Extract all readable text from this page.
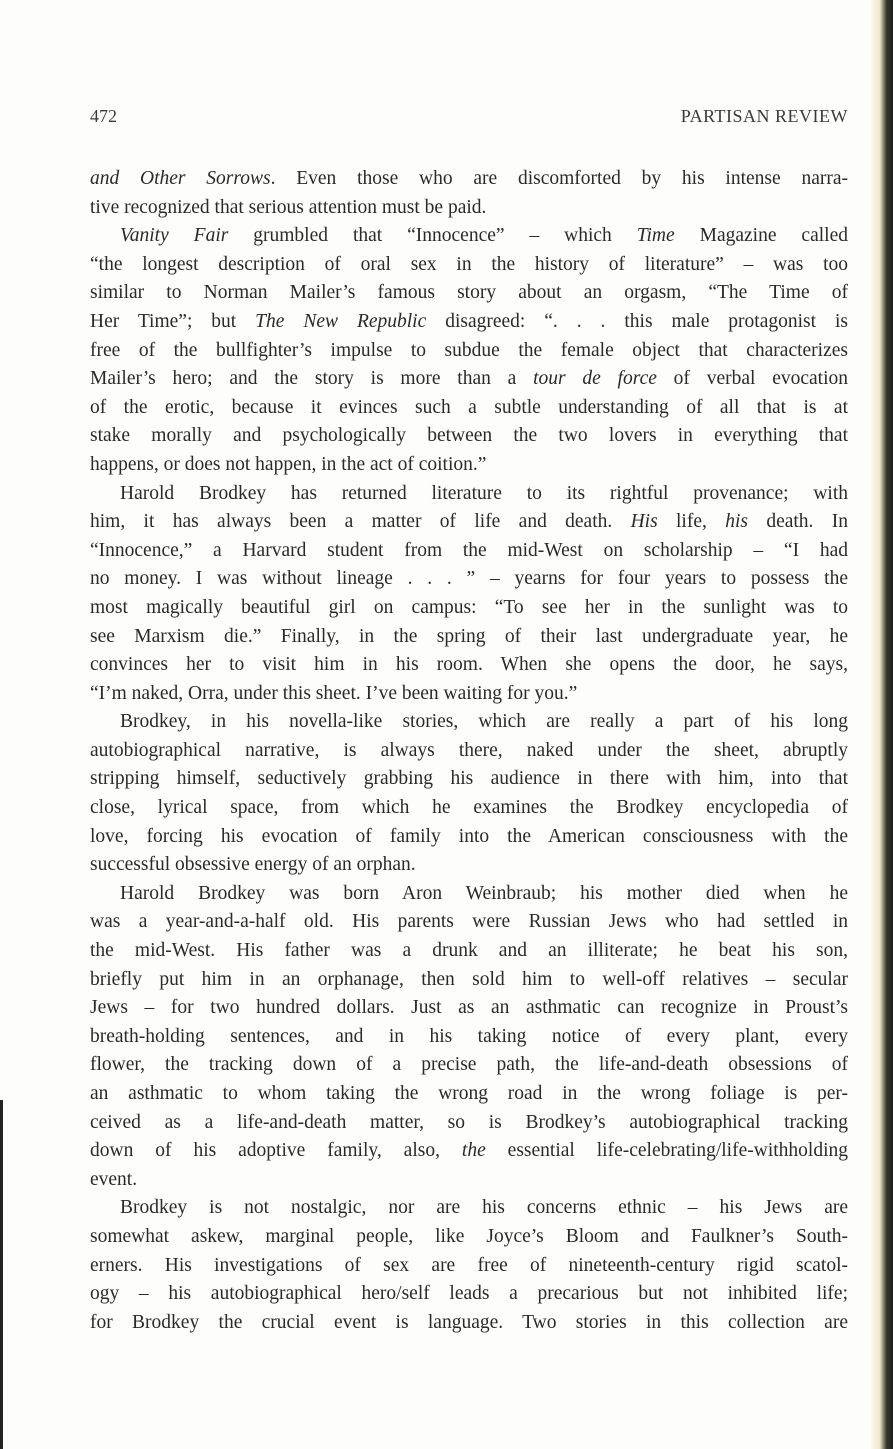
472	PARTISAN REVIEW
and Other Sorrows. Even those who are discomforted by his intense narra-
tive recognized that serious attention must be paid.
Vanity Fair grumbled that “Innocence” – which Time Magazine called
“the longest description of oral sex in the history of literature” – was too
similar to Norman Mailer’s famous story about an orgasm, “The Time of
Her Time”; but The New Republic disagreed: “. . . this male protagonist is
free of the bullfighter’s impulse to subdue the female object that characterizes
Mailer’s hero; and the story is more than a tour de force of verbal evocation
of the erotic, because it evinces such a subtle understanding of all that is at
stake morally and psychologically between the two lovers in everything that
happens, or does not happen, in the act of coition.”
Harold Brodkey has returned literature to its rightful provenance; with
him, it has always been a matter of life and death. His life, his death. In
“Innocence,” a Harvard student from the mid-West on scholarship – “I had
no money. I was without lineage . . . ” – yearns for four years to possess the
most magically beautiful girl on campus: “To see her in the sunlight was to
see Marxism die.” Finally, in the spring of their last undergraduate year, he
convinces her to visit him in his room. When she opens the door, he says,
“I’m naked, Orra, under this sheet. I’ve been waiting for you.”
Brodkey, in his novella-like stories, which are really a part of his long
autobiographical narrative, is always there, naked under the sheet, abruptly
stripping himself, seductively grabbing his audience in there with him, into that
close, lyrical space, from which he examines the Brodkey encyclopedia of
love, forcing his evocation of family into the American consciousness with the
successful obsessive energy of an orphan.
Harold Brodkey was born Aron Weinbraub; his mother died when he
was a year-and-a-half old. His parents were Russian Jews who had settled in
the mid-West. His father was a drunk and an illiterate; he beat his son,
briefly put him in an orphanage, then sold him to well-off relatives – secular
Jews – for two hundred dollars. Just as an asthmatic can recognize in Proust’s
breath-holding sentences, and in his taking notice of every plant, every
flower, the tracking down of a precise path, the life-and-death obsessions of
an asthmatic to whom taking the wrong road in the wrong foliage is per-
ceived as a life-and-death matter, so is Brodkey’s autobiographical tracking
down of his adoptive family, also, the essential life-celebrating/life-withholding
event.
Brodkey is not nostalgic, nor are his concerns ethnic – his Jews are
somewhat askew, marginal people, like Joyce’s Bloom and Faulkner’s South-
erners. His investigations of sex are free of nineteenth-century rigid scatol-
ogy – his autobiographical hero/self leads a precarious but not inhibited life;
for Brodkey the crucial event is language. Two stories in this collection are
